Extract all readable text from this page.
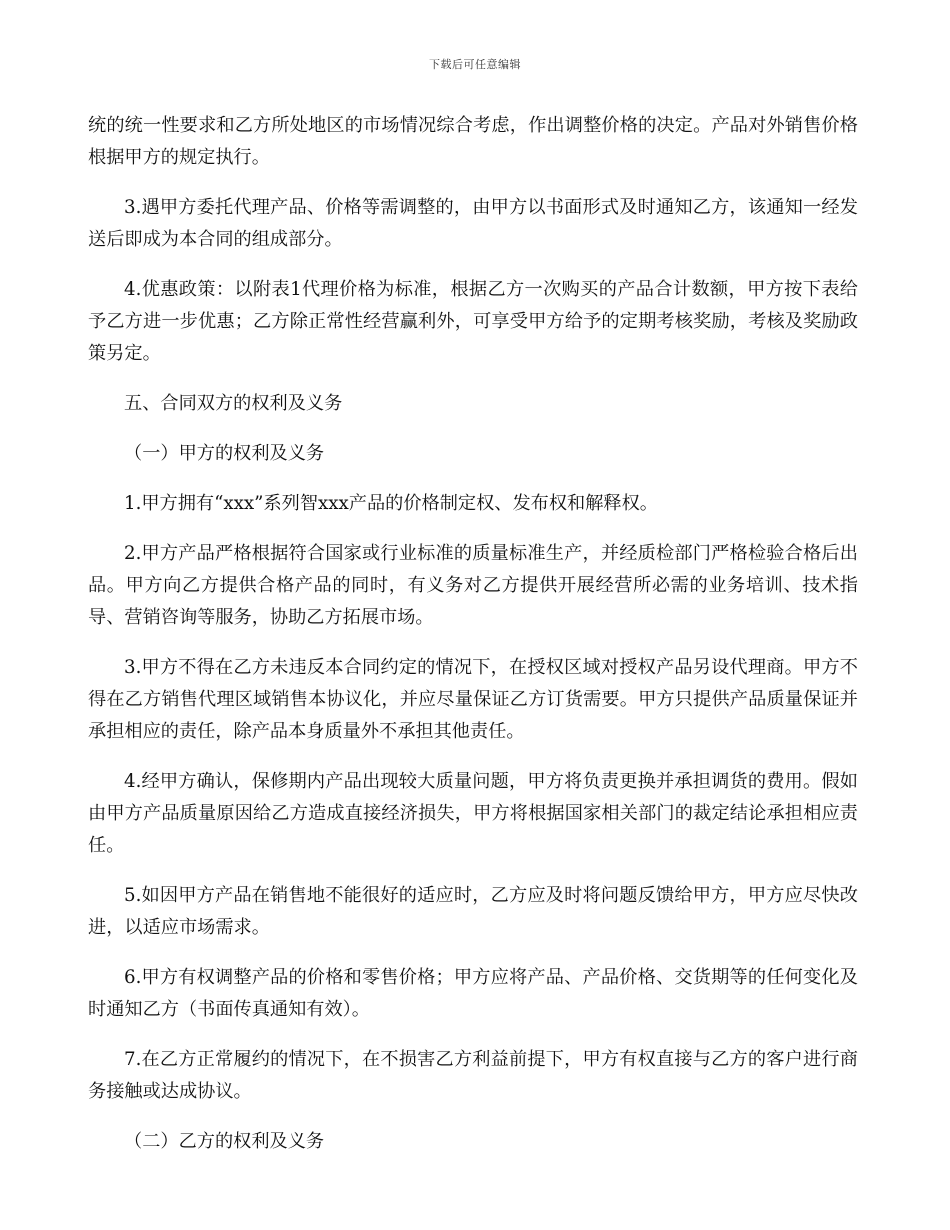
下载后可任意编辑

统的统一性要求和乙方所处地区的市场情况综合考虑，作出调整价格的决定。产品对外销售价格根据甲方的规定执行。

3.遇甲方委托代理产品、价格等需调整的，由甲方以书面形式及时通知乙方，该通知一经发送后即成为本合同的组成部分。

4.优惠政策：以附表1代理价格为标准，根据乙方一次购买的产品合计数额，甲方按下表给予乙方进一步优惠；乙方除正常性经营赢利外，可享受甲方给予的定期考核奖励，考核及奖励政策另定。

五、合同双方的权利及义务

（一）甲方的权利及义务

1.甲方拥有“xxx”系列智xxx产品的价格制定权、发布权和解释权。

2.甲方产品严格根据符合国家或行业标准的质量标准生产，并经质检部门严格检验合格后出品。甲方向乙方提供合格产品的同时，有义务对乙方提供开展经营所必需的业务培训、技术指导、营销咨询等服务，协助乙方拓展市场。

3.甲方不得在乙方未违反本合同约定的情况下，在授权区域对授权产品另设代理商。甲方不得在乙方销售代理区域销售本协议化，并应尽量保证乙方订货需要。甲方只提供产品质量保证并承担相应的责任，除产品本身质量外不承担其他责任。

4.经甲方确认，保修期内产品出现较大质量问题，甲方将负责更换并承担调货的费用。假如由甲方产品质量原因给乙方造成直接经济损失，甲方将根据国家相关部门的裁定结论承担相应责任。

5.如因甲方产品在销售地不能很好的适应时，乙方应及时将问题反馈给甲方，甲方应尽快改进，以适应市场需求。

6.甲方有权调整产品的价格和零售价格；甲方应将产品、产品价格、交货期等的任何变化及时通知乙方（书面传真通知有效）。

7.在乙方正常履约的情况下，在不损害乙方利益前提下，甲方有权直接与乙方的客户进行商务接触或达成协议。

（二）乙方的权利及义务
